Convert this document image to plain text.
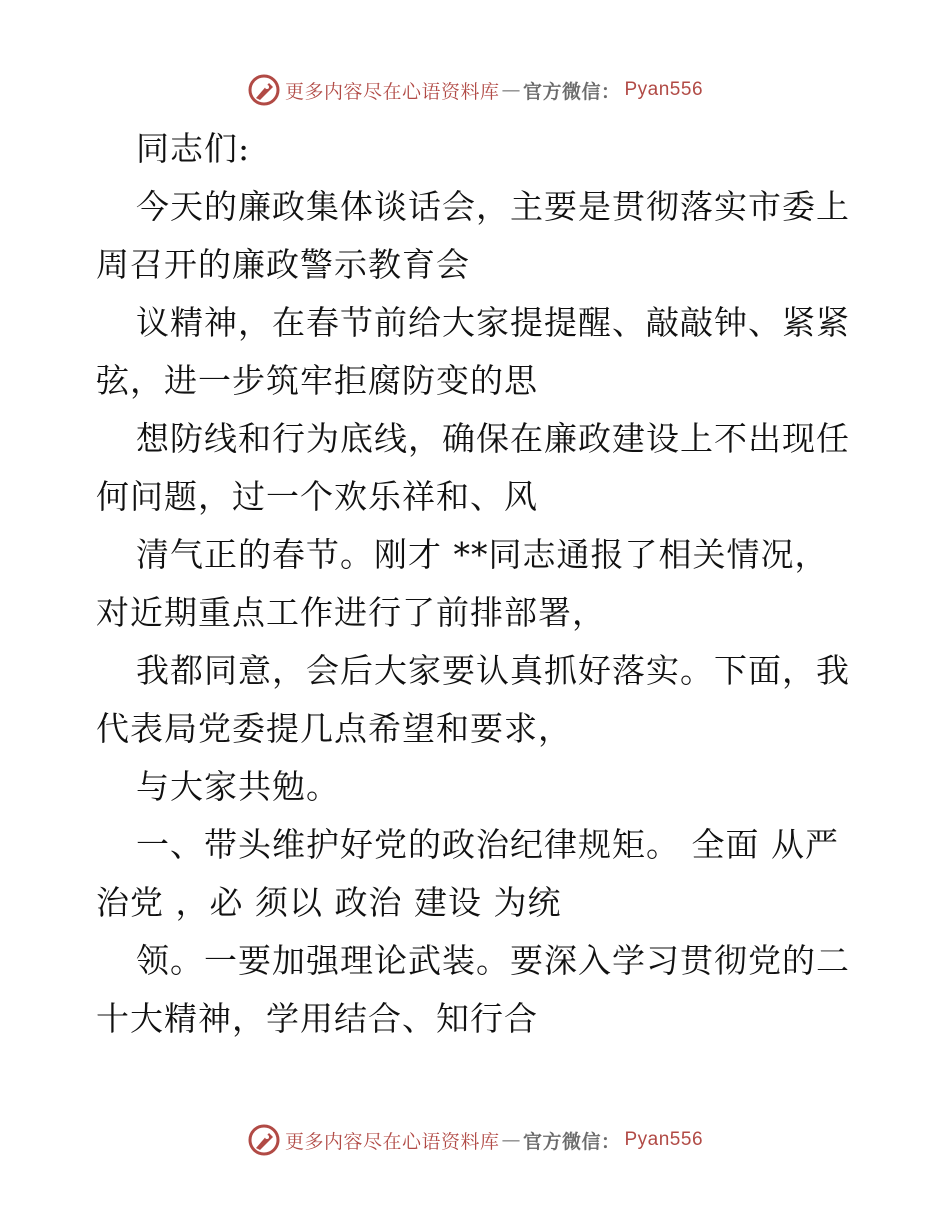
更多内容尽在心语资料库 — 官方微信： Pyan556

同志们:

今天的廉政集体谈话会，主要是贯彻落实市委上

周召开的廉政警示教育会

议精神，在春节前给大家提提醒、敲敲钟、紧紧

弦，进一步筑牢拒腐防变的思

想防线和行为底线，确保在廉政建设上不出现任

何问题，过一个欢乐祥和、风

清气正的春节。刚才 **同志通报了相关情况，

对近期重点工作进行了前排部署，

我都同意，会后大家要认真抓好落实。下面，我

代表局党委提几点希望和要求，

与大家共勉。

一、带头维护好党的政治纪律规矩。 全面 从严

治党 ，必 须以 政治 建设 为统

领。一要加强理论武装。要深入学习贯彻党的二

十大精神，学用结合、知行合

更多内容尽在心语资料库 — 官方微信： Pyan556
